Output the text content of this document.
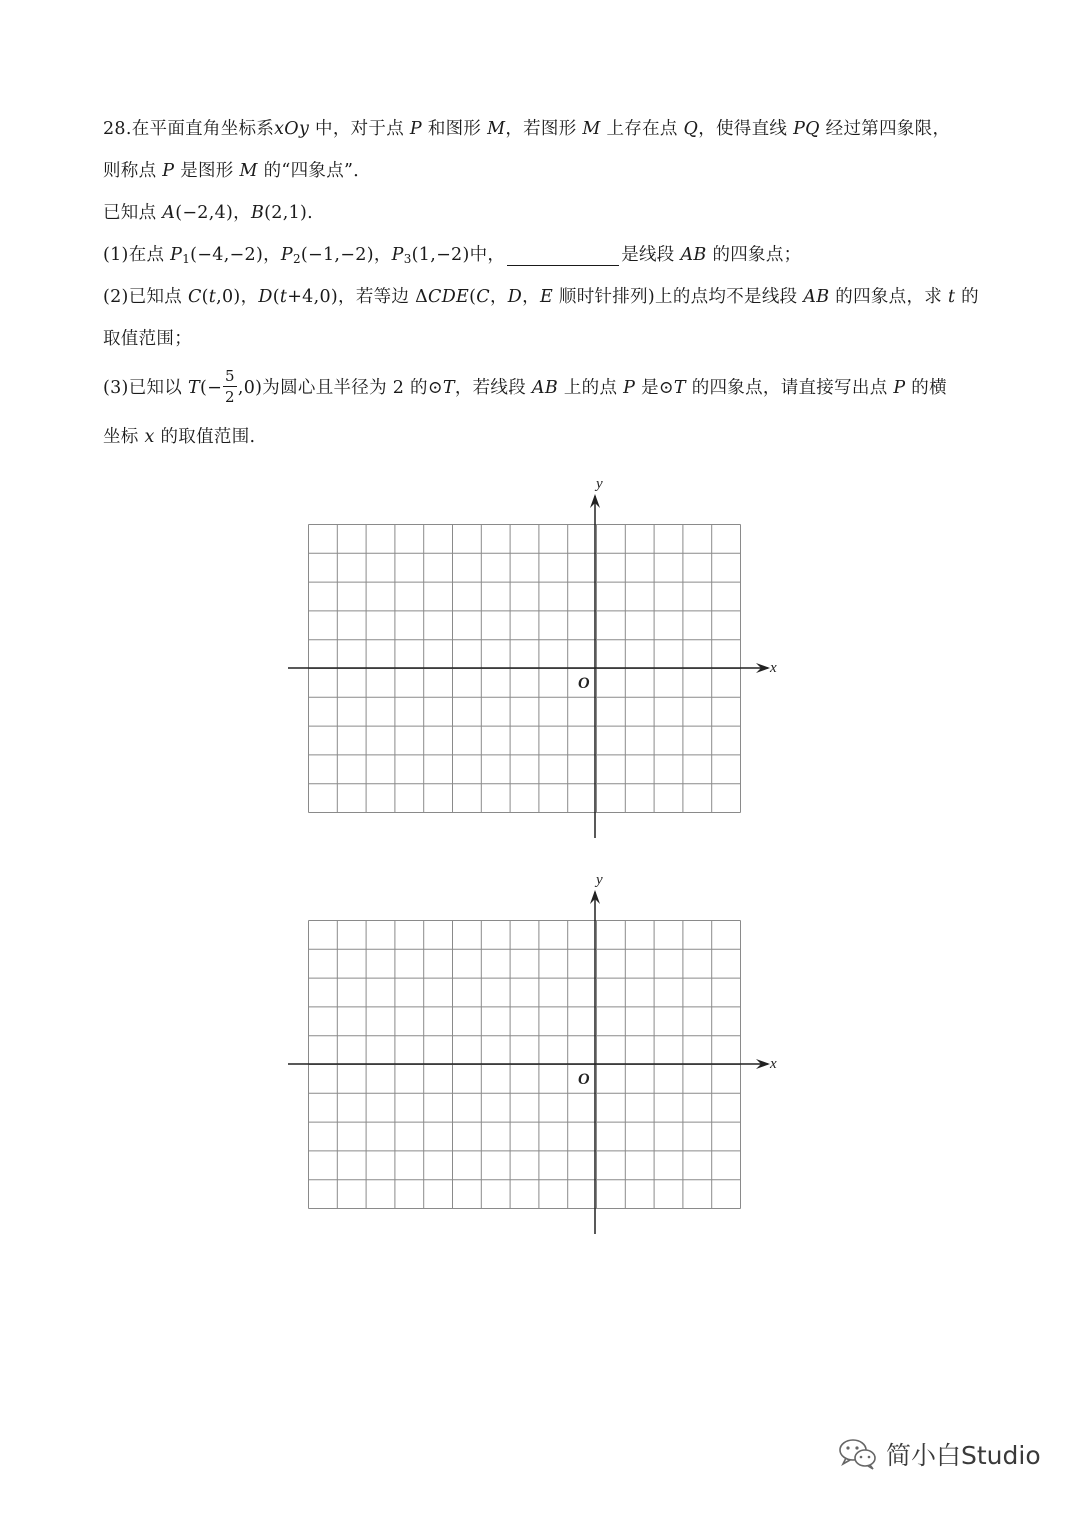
28.在平面直角坐标系xOy 中，对于点 P 和图形 M，若图形 M 上存在点 Q，使得直线 PQ 经过第四象限，
则称点 P 是图形 M 的“四象点”．
已知点 A(−2,4)，B(2,1).
(1)在点 $P_1(-4,-2)$，$P_2(-1,-2)$，$P_3(1,-2)$中，	是线段 AB 的四象点；
(2)已知点 C(t,0)，D(t+4,0)，若等边 ΔCDE(C，D，E 顺时针排列)上的点均不是线段 AB 的四象点，求 t 的
取值范围；
(3)已知以 $T(- \frac{5}{2} ,0)$为圆心且半径为 2 的⊙T，若线段 AB 上的点 P 是⊙T 的四象点，请直接写出点 P 的横
坐标 x 的取值范围.
x
y
O
x
y
O
简小白Studio
